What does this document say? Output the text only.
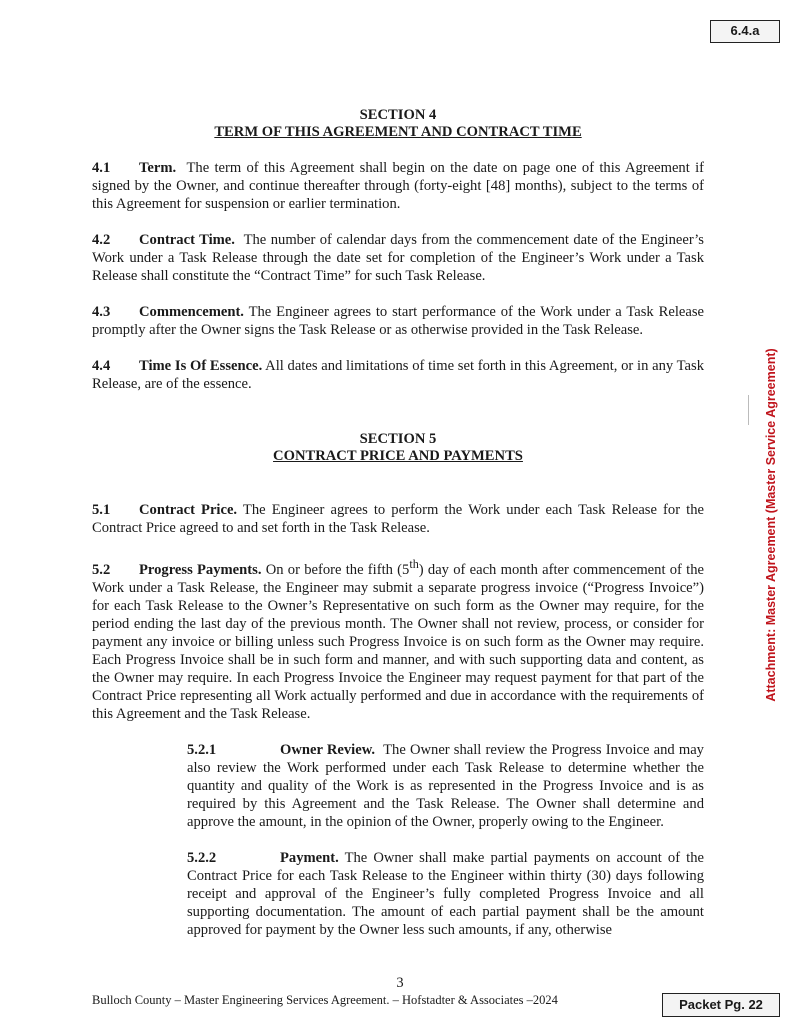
6.4.a
Attachment: Master Agreement (Master Service Agreement)
SECTION 4
TERM OF THIS AGREEMENT AND CONTRACT TIME

4.1 Term. The term of this Agreement shall begin on the date on page one of this Agreement if signed by the Owner, and continue thereafter through (forty-eight [48] months), subject to the terms of this Agreement for suspension or earlier termination.

4.2 Contract Time. The number of calendar days from the commencement date of the Engineer’s Work under a Task Release through the date set for completion of the Engineer’s Work under a Task Release shall constitute the “Contract Time” for such Task Release.

4.3 Commencement. The Engineer agrees to start performance of the Work under a Task Release promptly after the Owner signs the Task Release or as otherwise provided in the Task Release.

4.4 Time Is Of Essence. All dates and limitations of time set forth in this Agreement, or in any Task Release, are of the essence.

SECTION 5
CONTRACT PRICE AND PAYMENTS

5.1 Contract Price. The Engineer agrees to perform the Work under each Task Release for the Contract Price agreed to and set forth in the Task Release.

5.2 Progress Payments. On or before the fifth (5th) day of each month after commencement of the Work under a Task Release, the Engineer may submit a separate progress invoice (“Progress Invoice”) for each Task Release to the Owner’s Representative on such form as the Owner may require, for the period ending the last day of the previous month. The Owner shall not review, process, or consider for payment any invoice or billing unless such Progress Invoice is on such form as the Owner may require. Each Progress Invoice shall be in such form and manner, and with such supporting data and content, as the Owner may require. In each Progress Invoice the Engineer may request payment for that part of the Contract Price representing all Work actually performed and due in accordance with the requirements of this Agreement and the Task Release.

5.2.1	Owner Review. The Owner shall review the Progress Invoice and may also review the Work performed under each Task Release to determine whether the quantity and quality of the Work is as represented in the Progress Invoice and is as required by this Agreement and the Task Release. The Owner shall determine and approve the amount, in the opinion of the Owner, properly owing to the Engineer.

5.2.2	Payment. The Owner shall make partial payments on account of the Contract Price for each Task Release to the Engineer within thirty (30) days following receipt and approval of the Engineer’s fully completed Progress Invoice and all supporting documentation. The amount of each partial payment shall be the amount approved for payment by the Owner less such amounts, if any, otherwise

3
Bulloch County – Master Engineering Services Agreement. – Hofstadter & Associates –2024	Packet Pg. 22
